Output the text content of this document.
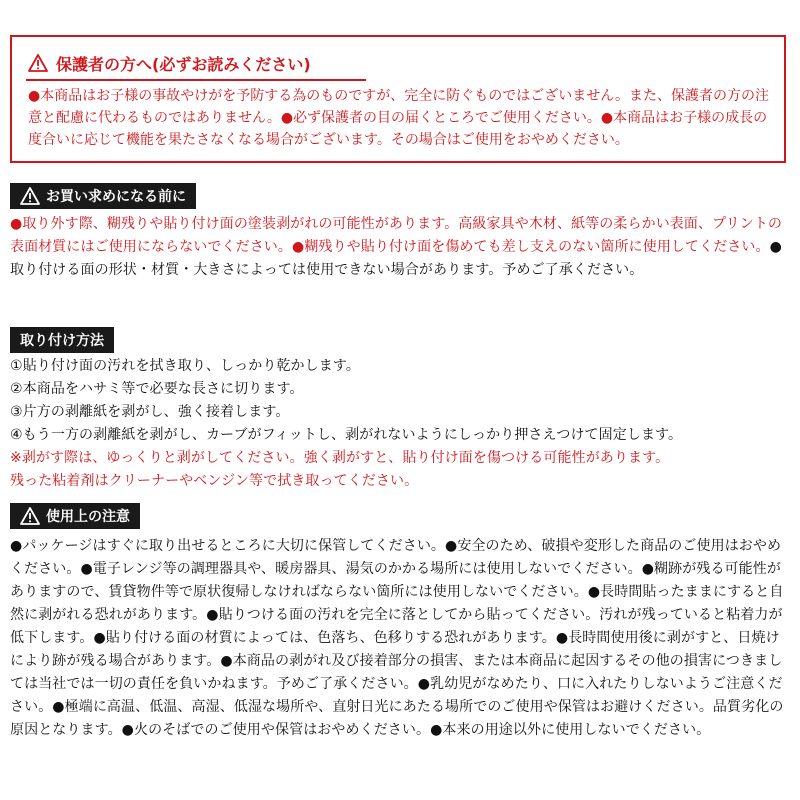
保護者の方へ(必ずお読みください)
●本商品はお子様の事故やけがを予防する為のものですが、完全に防ぐものではございません。また、保護者の方の注意と配慮に代わるものではありません。●必ず保護者の目の届くところでご使用ください。●本商品はお子様の成長の度合いに応じて機能を果たさなくなる場合がございます。その場合はご使用をおやめください。
お買い求めになる前に
●取り外す際、糊残りや貼り付け面の塗装剥がれの可能性があります。高級家具や木材、紙等の柔らかい表面、プリントの表面材質にはご使用にならないでください。●糊残りや貼り付け面を傷めても差し支えのない箇所に使用してください。●取り付ける面の形状・材質・大きさによっては使用できない場合があります。予めご了承ください。
取り付け方法
①貼り付け面の汚れを拭き取り、しっかり乾かします。
②本商品をハサミ等で必要な長さに切ります。
③片方の剥離紙を剥がし、強く接着します。
④もう一方の剥離紙を剥がし、カーブがフィットし、剥がれないようにしっかり押さえつけて固定します。
※剥がす際は、ゆっくりと剥がしてください。強く剥がすと、貼り付け面を傷つける可能性があります。
残った粘着剤はクリーナーやベンジン等で拭き取ってください。
使用上の注意
●パッケージはすぐに取り出せるところに大切に保管してください。●安全のため、破損や変形した商品のご使用はおやめください。●電子レンジ等の調理器具や、暖房器具、湯気のかかる場所には使用しないでください。●糊跡が残る可能性がありますので、賃貸物件等で原状復帰しなければならない箇所には使用しないでください。●長時間貼ったままにすると自然に剥がれる恐れがあります。●貼りつける面の汚れを完全に落としてから貼ってください。汚れが残っていると粘着力が低下します。●貼り付ける面の材質によっては、色落ち、色移りする恐れがあります。●長時間使用後に剥がすと、日焼けにより跡が残る場合があります。●本商品の剥がれ及び接着部分の損害、または本商品に起因するその他の損害につきましては当社では一切の責任を負いかねます。予めご了承ください。●乳幼児がなめたり、口に入れたりしないようご注意ください。●極端に高温、低温、高湿、低湿な場所や、直射日光にあたる場所でのご使用や保管はお避けください。品質劣化の原因となります。●火のそばでのご使用や保管はおやめください。●本来の用途以外に使用しないでください。
